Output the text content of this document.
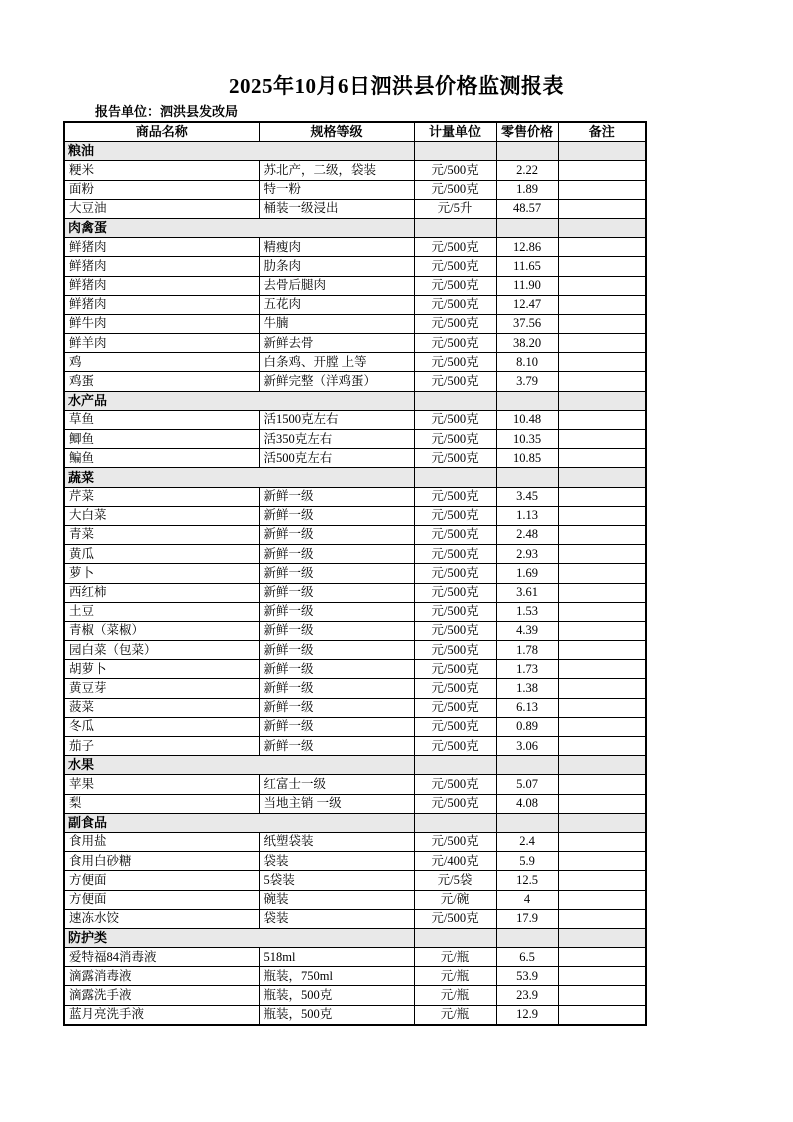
2025年10月6日泗洪县价格监测报表
报告单位：泗洪县发改局
商品名称	规格等级	计量单位	零售价格	备注
粮油				
粳米	苏北产，二级，袋装	元/500克	2.22	
面粉	特一粉	元/500克	1.89	
大豆油	桶装一级浸出	元/5升	48.57	
肉禽蛋				
鲜猪肉	精瘦肉	元/500克	12.86	
鲜猪肉	肋条肉	元/500克	11.65	
鲜猪肉	去骨后腿肉	元/500克	11.90	
鲜猪肉	五花肉	元/500克	12.47	
鲜牛肉	牛腩	元/500克	37.56	
鲜羊肉	新鲜去骨	元/500克	38.20	
鸡	白条鸡、开膛 上等	元/500克	8.10	
鸡蛋	新鲜完整（洋鸡蛋）	元/500克	3.79	
水产品				
草鱼	活1500克左右	元/500克	10.48	
鲫鱼	活350克左右	元/500克	10.35	
鳊鱼	活500克左右	元/500克	10.85	
蔬菜				
芹菜	新鲜一级	元/500克	3.45	
大白菜	新鲜一级	元/500克	1.13	
青菜	新鲜一级	元/500克	2.48	
黄瓜	新鲜一级	元/500克	2.93	
萝卜	新鲜一级	元/500克	1.69	
西红柿	新鲜一级	元/500克	3.61	
土豆	新鲜一级	元/500克	1.53	
青椒（菜椒）	新鲜一级	元/500克	4.39	
园白菜（包菜）	新鲜一级	元/500克	1.78	
胡萝卜	新鲜一级	元/500克	1.73	
黄豆芽	新鲜一级	元/500克	1.38	
菠菜	新鲜一级	元/500克	6.13	
冬瓜	新鲜一级	元/500克	0.89	
茄子	新鲜一级	元/500克	3.06	
水果				
苹果	红富士一级	元/500克	5.07	
梨	当地主销 一级	元/500克	4.08	
副食品				
食用盐	纸塑袋装	元/500克	2.4	
食用白砂糖	袋装	元/400克	5.9	
方便面	5袋装	元/5袋	12.5	
方便面	碗装	元/碗	4	
速冻水饺	袋装	元/500克	17.9	
防护类				
爱特福84消毒液	518ml	元/瓶	6.5	
滴露消毒液	瓶装，750ml	元/瓶	53.9	
滴露洗手液	瓶装，500克	元/瓶	23.9	
蓝月亮洗手液	瓶装，500克	元/瓶	12.9	
